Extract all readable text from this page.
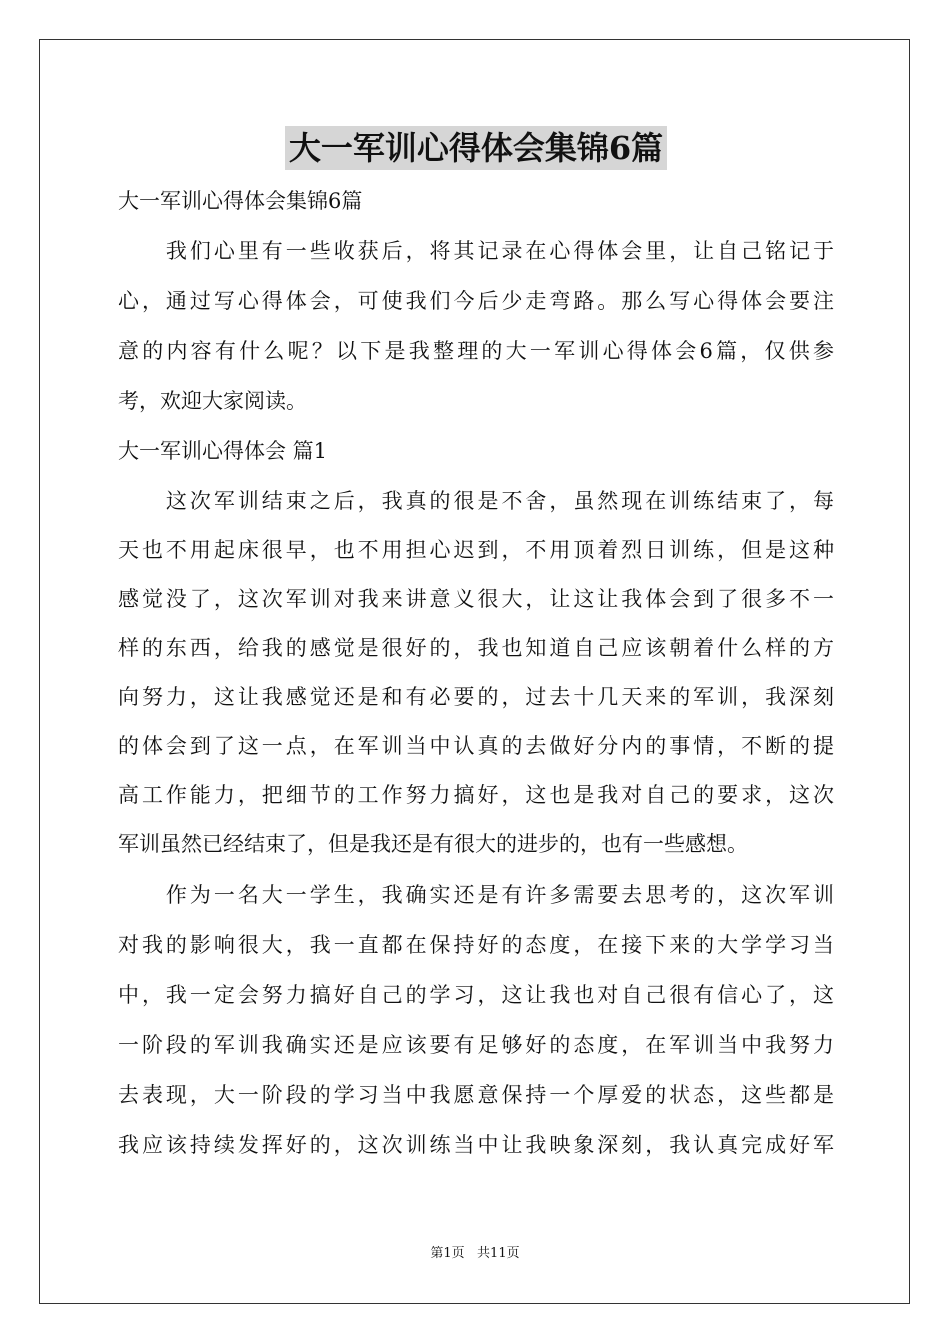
大一军训心得体会集锦6篇
大一军训心得体会集锦6篇
　　我们心里有一些收获后，将其记录在心得体会里，让自己铭记于
心，通过写心得体会，可使我们今后少走弯路。那么写心得体会要注
意的内容有什么呢？以下是我整理的大一军训心得体会6篇，仅供参
考，欢迎大家阅读。
大一军训心得体会 篇1
　　这次军训结束之后，我真的很是不舍，虽然现在训练结束了，每
天也不用起床很早，也不用担心迟到，不用顶着烈日训练，但是这种
感觉没了，这次军训对我来讲意义很大，让这让我体会到了很多不一
样的东西，给我的感觉是很好的，我也知道自己应该朝着什么样的方
向努力，这让我感觉还是和有必要的，过去十几天来的军训，我深刻
的体会到了这一点，在军训当中认真的去做好分内的事情，不断的提
高工作能力，把细节的工作努力搞好，这也是我对自己的要求，这次
军训虽然已经结束了，但是我还是有很大的进步的，也有一些感想。
　　作为一名大一学生，我确实还是有许多需要去思考的，这次军训
对我的影响很大，我一直都在保持好的态度，在接下来的大学学习当
中，我一定会努力搞好自己的学习，这让我也对自己很有信心了，这
一阶段的军训我确实还是应该要有足够好的态度，在军训当中我努力
去表现，大一阶段的学习当中我愿意保持一个厚爱的状态，这些都是
我应该持续发挥好的，这次训练当中让我映象深刻，我认真完成好军
第1页   共11页
